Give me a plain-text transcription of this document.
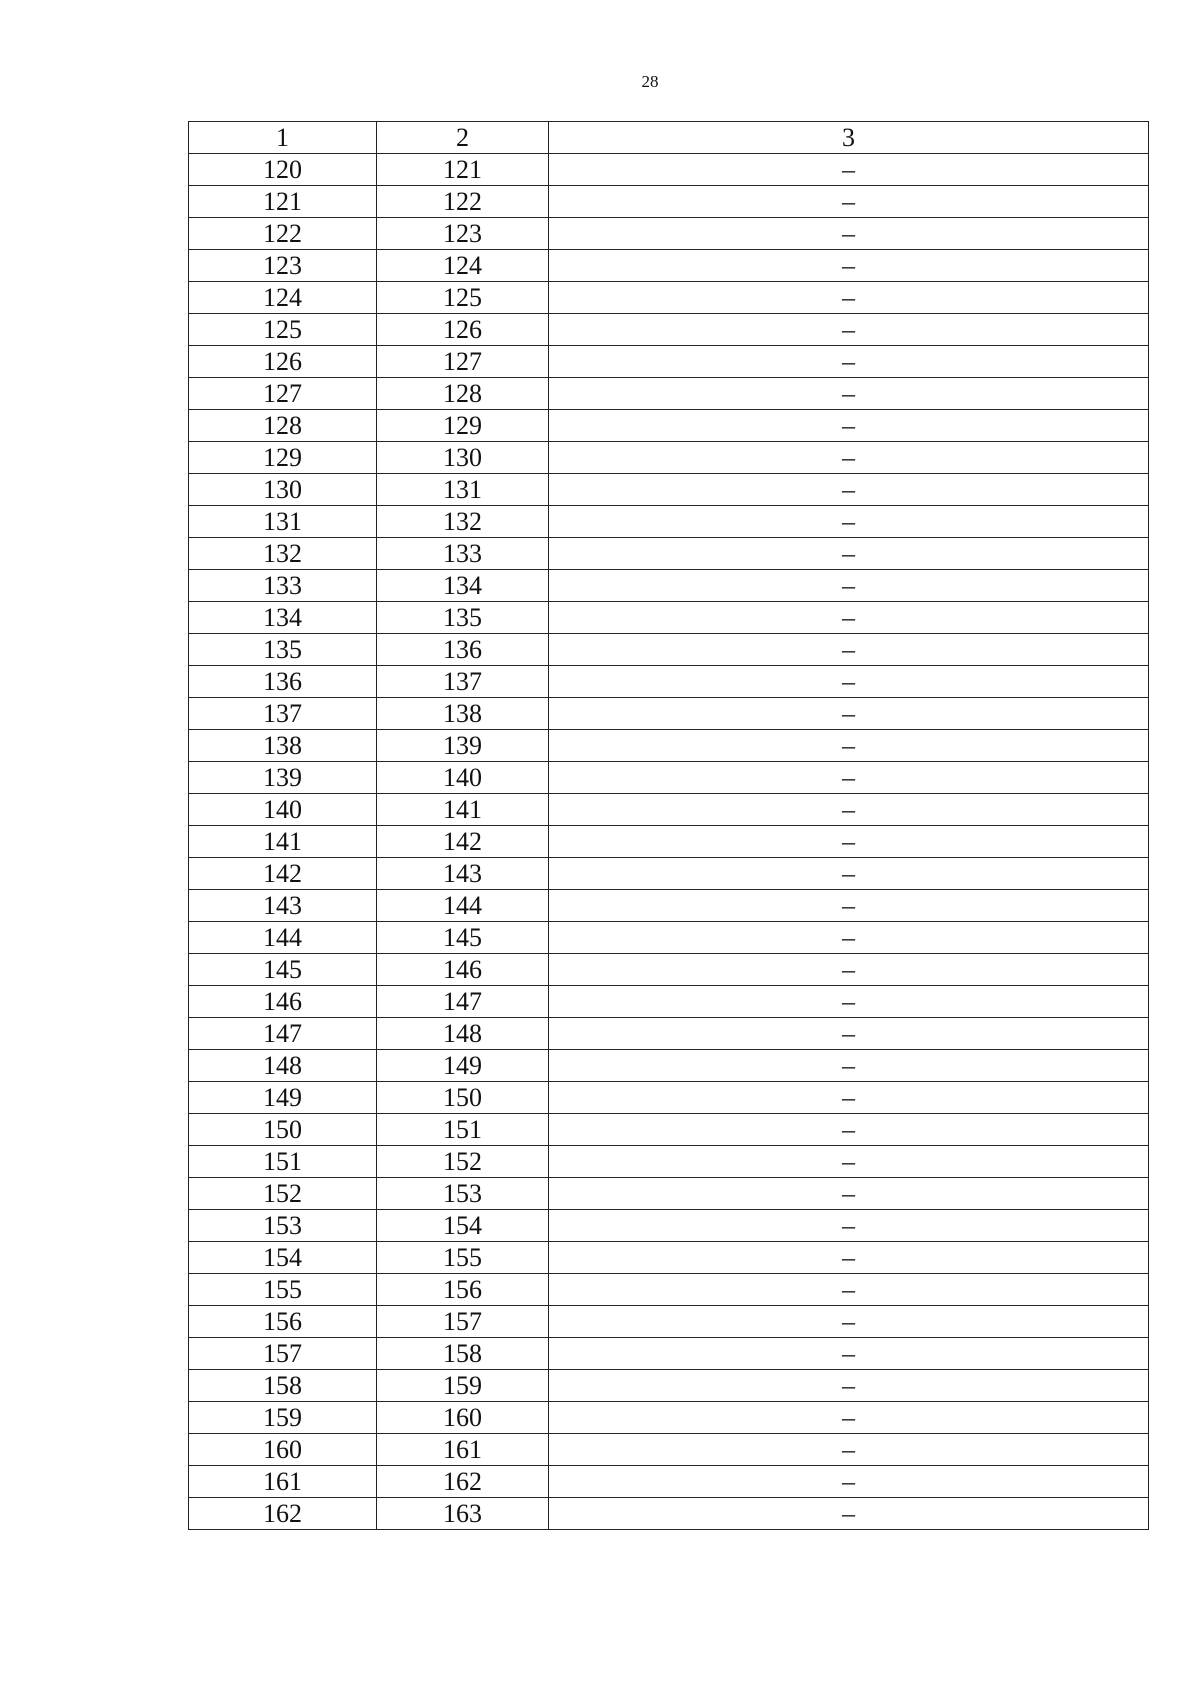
28
1	2	3
120	121	–
121	122	–
122	123	–
123	124	–
124	125	–
125	126	–
126	127	–
127	128	–
128	129	–
129	130	–
130	131	–
131	132	–
132	133	–
133	134	–
134	135	–
135	136	–
136	137	–
137	138	–
138	139	–
139	140	–
140	141	–
141	142	–
142	143	–
143	144	–
144	145	–
145	146	–
146	147	–
147	148	–
148	149	–
149	150	–
150	151	–
151	152	–
152	153	–
153	154	–
154	155	–
155	156	–
156	157	–
157	158	–
158	159	–
159	160	–
160	161	–
161	162	–
162	163	–
